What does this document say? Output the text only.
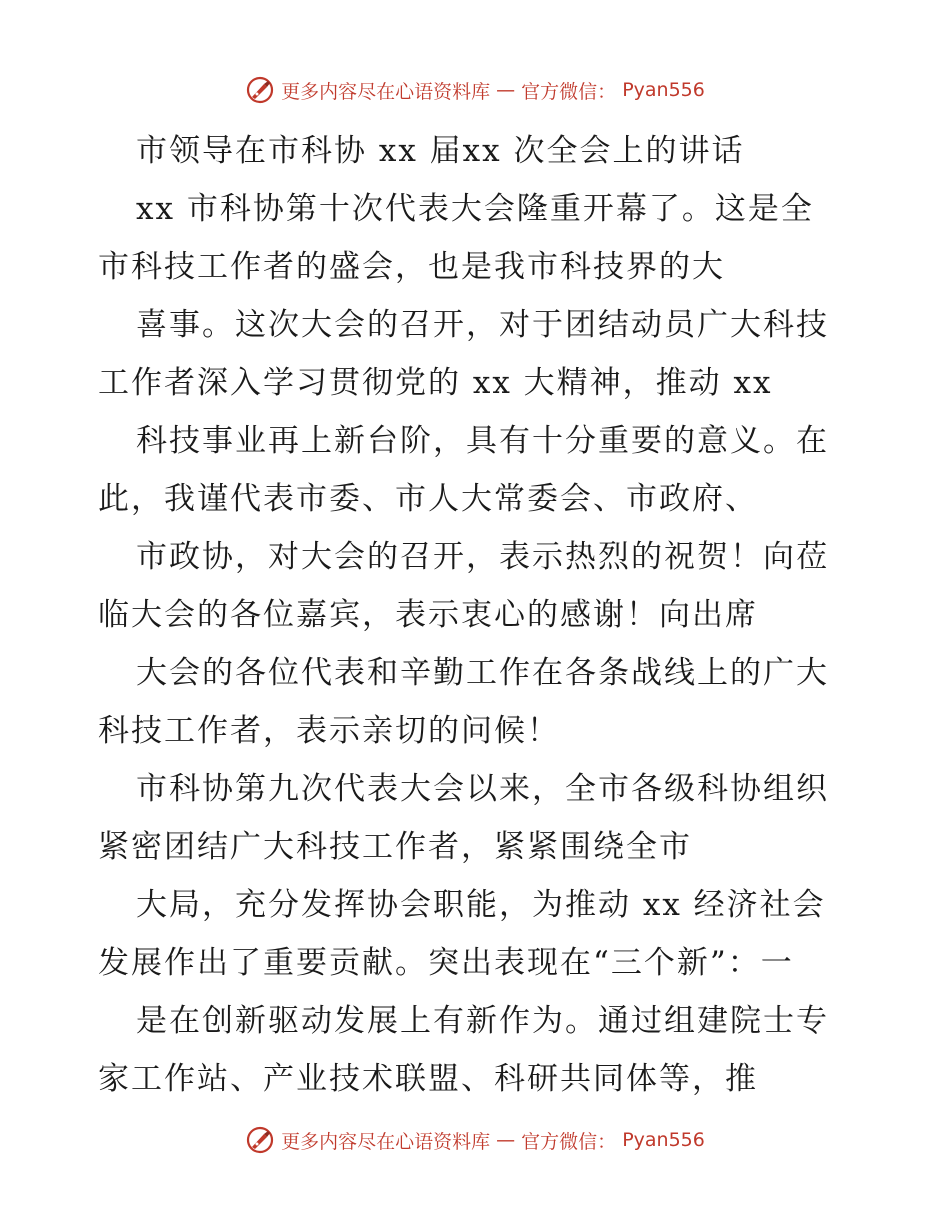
更多内容尽在心语资料库 — 官方微信： Pyan556
市领导在市科协 xx 届xx 次全会上的讲话
xx 市科协第十次代表大会隆重开幕了。这是全
市科技工作者的盛会，也是我市科技界的大
喜事。这次大会的召开，对于团结动员广大科技
工作者深入学习贯彻党的 xx 大精神，推动 xx
科技事业再上新台阶，具有十分重要的意义。在
此，我谨代表市委、市人大常委会、市政府、
市政协，对大会的召开，表示热烈的祝贺！向莅
临大会的各位嘉宾，表示衷心的感谢！向出席
大会的各位代表和辛勤工作在各条战线上的广大
科技工作者，表示亲切的问候！
市科协第九次代表大会以来，全市各级科协组织
紧密团结广大科技工作者，紧紧围绕全市
大局，充分发挥协会职能，为推动 xx 经济社会
发展作出了重要贡献。突出表现在“三个新”：一
是在创新驱动发展上有新作为。通过组建院士专
家工作站、产业技术联盟、科研共同体等，推
更多内容尽在心语资料库 — 官方微信： Pyan556
